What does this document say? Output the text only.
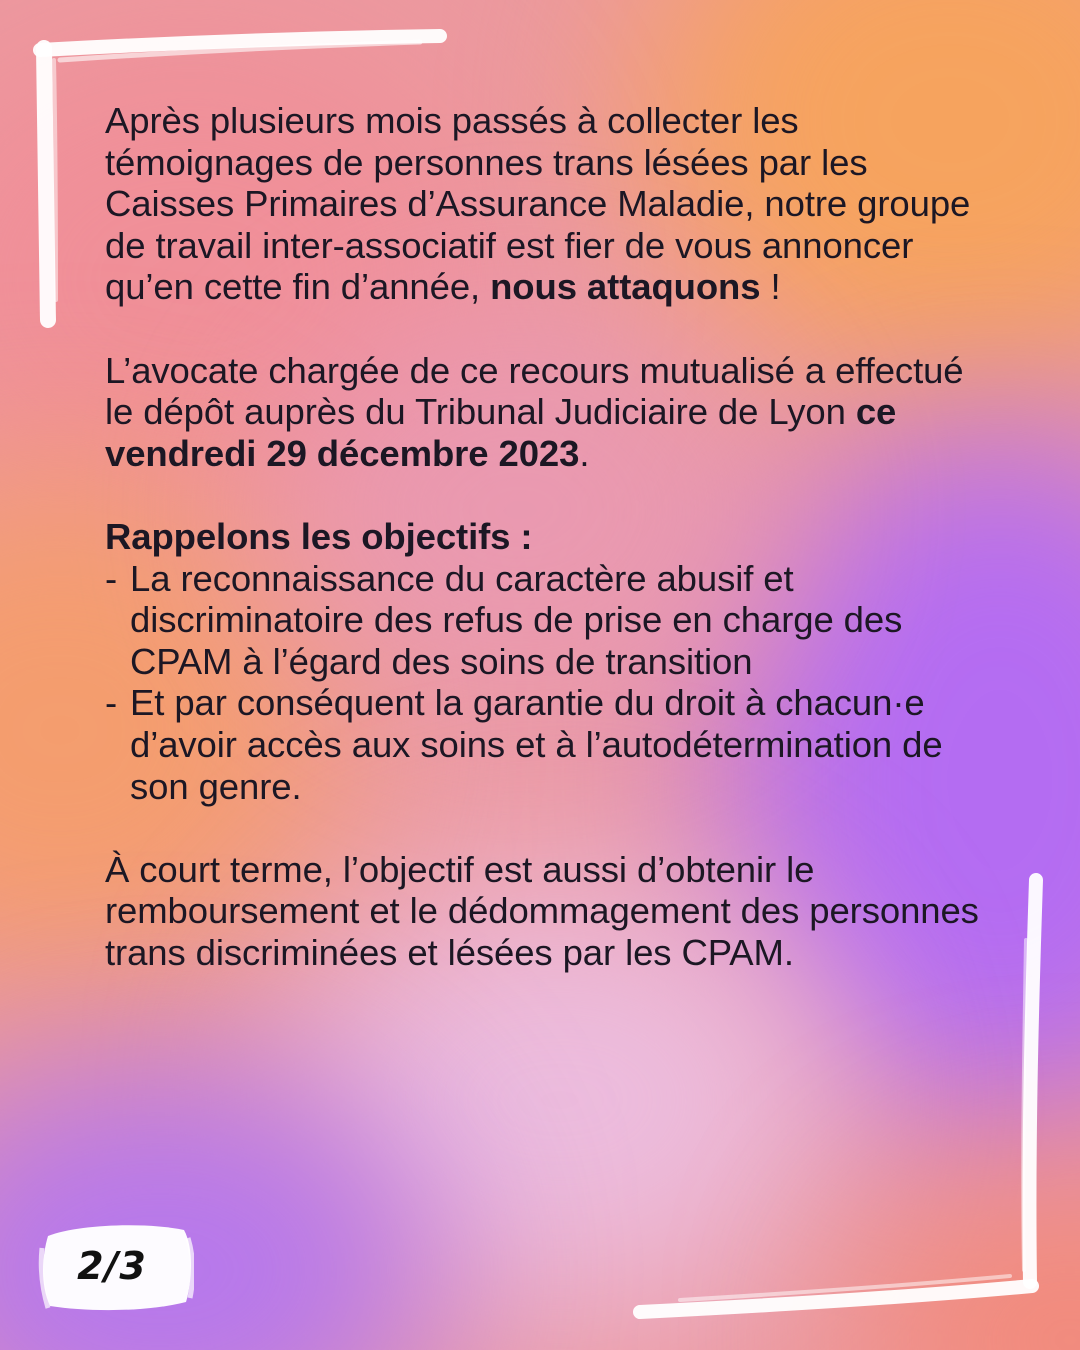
Après plusieurs mois passés à collecter les témoignages de personnes trans lésées par les Caisses Primaires d’Assurance Maladie, notre groupe de travail inter-associatif est fier de vous annoncer qu’en cette fin d’année, nous attaquons !

L’avocate chargée de ce recours mutualisé a effectué le dépôt auprès du Tribunal Judiciaire de Lyon ce vendredi 29 décembre 2023.

Rappelons les objectifs :

- La reconnaissance du caractère abusif et discriminatoire des refus de prise en charge des CPAM à l’égard des soins de transition
- Et par conséquent la garantie du droit à chacun·e d’avoir accès aux soins et à l’autodétermination de son genre.

À court terme, l’objectif est aussi d’obtenir le remboursement et le dédommagement des personnes trans discriminées et lésées par les CPAM.

2/3
